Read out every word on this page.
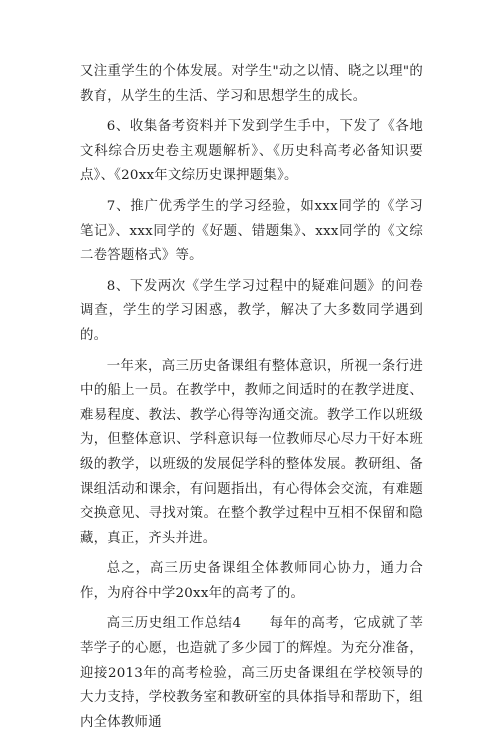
又注重学生的个体发展。对学生"动之以情、晓之以理"的教育，从学生的生活、学习和思想学生的成长。

6、收集备考资料并下发到学生手中，下发了《各地文科综合历史卷主观题解析》、《历史科高考必备知识要点》、《20xx年文综历史课押题集》。

7、推广优秀学生的学习经验，如xxx同学的《学习笔记》、xxx同学的《好题、错题集》、xxx同学的《文综二卷答题格式》等。

8、下发两次《学生学习过程中的疑难问题》的问卷调查，学生的学习困惑，教学，解决了大多数同学遇到的。

一年来，高三历史备课组有整体意识，所视一条行进中的船上一员。在教学中，教师之间适时的在教学进度、难易程度、教法、教学心得等沟通交流。教学工作以班级为，但整体意识、学科意识每一位教师尽心尽力干好本班级的教学，以班级的发展促学科的整体发展。教研组、备课组活动和课余，有问题指出，有心得体会交流，有难题交换意见、寻找对策。在整个教学过程中互相不保留和隐藏，真正，齐头并进。

总之，高三历史备课组全体教师同心协力，通力合作，为府谷中学20xx年的高考了的。

高三历史组工作总结4　　每年的高考，它成就了莘莘学子的心愿，也造就了多少园丁的辉煌。为充分准备，迎接2013年的高考检验，高三历史备课组在学校领导的大力支持，学校教务室和教研室的具体指导和帮助下，组内全体教师通
